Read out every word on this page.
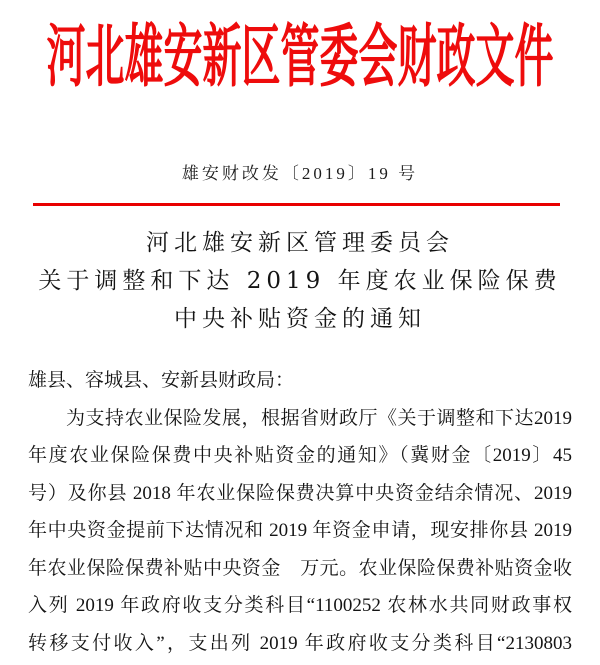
河北雄安新区管委会财政文件
雄安财改发〔2019〕19 号
河北雄安新区管理委员会
关于调整和下达 2019 年度农业保险保费
中央补贴资金的通知
雄县、容城县、安新县财政局：
为支持农业保险发展，根据省财政厅《关于调整和下达2019
年度农业保险保费中央补贴资金的通知》（冀财金〔2019〕45
号）及你县 2018 年农业保险保费决算中央资金结余情况、2019
年中央资金提前下达情况和 2019 年资金申请，现安排你县 2019
年农业保险保费补贴中央资金　万元。农业保险保费补贴资金收
入列 2019 年政府收支分类科目“1100252 农林水共同财政事权
转移支付收入”，支出列 2019 年政府收支分类科目“2130803
